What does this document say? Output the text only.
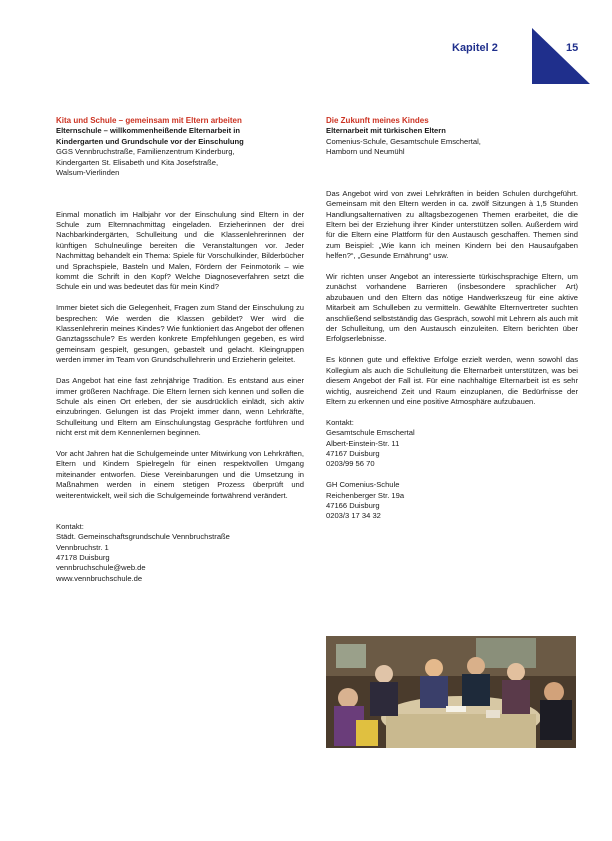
Kapitel 2	15

Kita und Schule – gemeinsam mit Eltern arbeiten

Elternschule – willkommenheißende Elternarbeit in

Kindergarten und Grundschule vor der Einschulung

GGS Vennbruchstraße, Familienzentrum Kinderburg,

Kindergarten St. Elisabeth und Kita Josefstraße,

Walsum-Vierlinden

Einmal monatlich im Halbjahr vor der Einschulung sind Eltern in der Schule zum Elternnachmittag eingeladen. Erzieherinnen der drei Nachbarkindergärten, Schulleitung und die Klassenlehrerinnen der künftigen Schulneulinge bereiten die Veranstaltungen vor. Jeder Nachmittag behandelt ein Thema: Spiele für Vorschulkinder, Bilderbücher und Sprachspiele, Basteln und Malen, Fördern der Feinmotorik – wie kommt die Schrift in den Kopf? Welche Diagnoseverfahren setzt die Schule ein und was bedeutet das für mein Kind?

Immer bietet sich die Gelegenheit, Fragen zum Stand der Einschulung zu besprechen: Wie werden die Klassen gebildet? Wer wird die Klassenlehrerin meines Kindes? Wie funktioniert das Angebot der offenen Ganztagsschule? Es werden konkrete Empfehlungen gegeben, es wird gemeinsam gespielt, gesungen, gebastelt und gelacht. Kleingruppen werden immer im Team von Grundschullehrerin und Erzieherin geleitet.

Das Angebot hat eine fast zehnjährige Tradition. Es entstand aus einer immer größeren Nachfrage. Die Eltern lernen sich kennen und sollen die Schule als einen Ort erleben, der sie ausdrücklich einlädt, sich aktiv einzubringen. Gelungen ist das Projekt immer dann, wenn Lehrkräfte, Schulleitung und Eltern am Einschulungstag Gespräche fortführen und nicht erst mit dem Kennenlernen beginnen.

Vor acht Jahren hat die Schulgemeinde unter Mitwirkung von Lehrkräften, Eltern und Kindern Spielregeln für einen respektvollen Umgang miteinander entworfen. Diese Vereinbarungen und die Umsetzung in Maßnahmen werden in einem stetigen Prozess überprüft und weiterentwickelt, weil sich die Schulgemeinde fortwährend verändert.

Kontakt:

Städt. Gemeinschaftsgrundschule Vennbruchstraße

Vennbruchstr. 1

47178 Duisburg

vennbruchschule@web.de

www.vennbruchschule.de

Die Zukunft meines Kindes

Elternarbeit mit türkischen Eltern

Comenius-Schule, Gesamtschule Emschertal,

Hamborn und Neumühl

Das Angebot wird von zwei Lehrkräften in beiden Schulen durchgeführt. Gemeinsam mit den Eltern werden in ca. zwölf Sitzungen à 1,5 Stunden Handlungsalternativen zu alltagsbezogenen Themen erarbeitet, die die Eltern bei der Erziehung ihrer Kinder unterstützen sollen. Außerdem wird für die Eltern eine Plattform für den Austausch geschaffen. Themen sind zum Beispiel: „Wie kann ich meinen Kindern bei den Hausaufgaben helfen?“, „Gesunde Ernährung“ usw.

Wir richten unser Angebot an interessierte türkischsprachige Eltern, um zunächst vorhandene Barrieren (insbesondere sprachlicher Art) abzubauen und den Eltern das nötige Handwerkszeug für eine aktive Mitarbeit am Schulleben zu vermitteln. Gewählte Elternvertreter suchten anschließend selbstständig das Gespräch, sowohl mit Lehrern als auch mit der Schulleitung, um den Austausch einzuleiten. Eltern berichten über Erfolgserlebnisse.

Es können gute und effektive Erfolge erzielt werden, wenn sowohl das Kollegium als auch die Schulleitung die Elternarbeit unterstützen, was bei diesem Angebot der Fall ist. Für eine nachhaltige Elternarbeit ist es sehr wichtig, ausreichend Zeit und Raum einzuplanen, die Bedürfnisse der Eltern zu erkennen und eine positive Atmosphäre aufzubauen.

Kontakt:

Gesamtschule Emschertal

Albert-Einstein-Str. 11

47167 Duisburg

0203/99 56 70

GH Comenius-Schule

Reichenberger Str. 19a

47166 Duisburg

0203/3 17 34 32
